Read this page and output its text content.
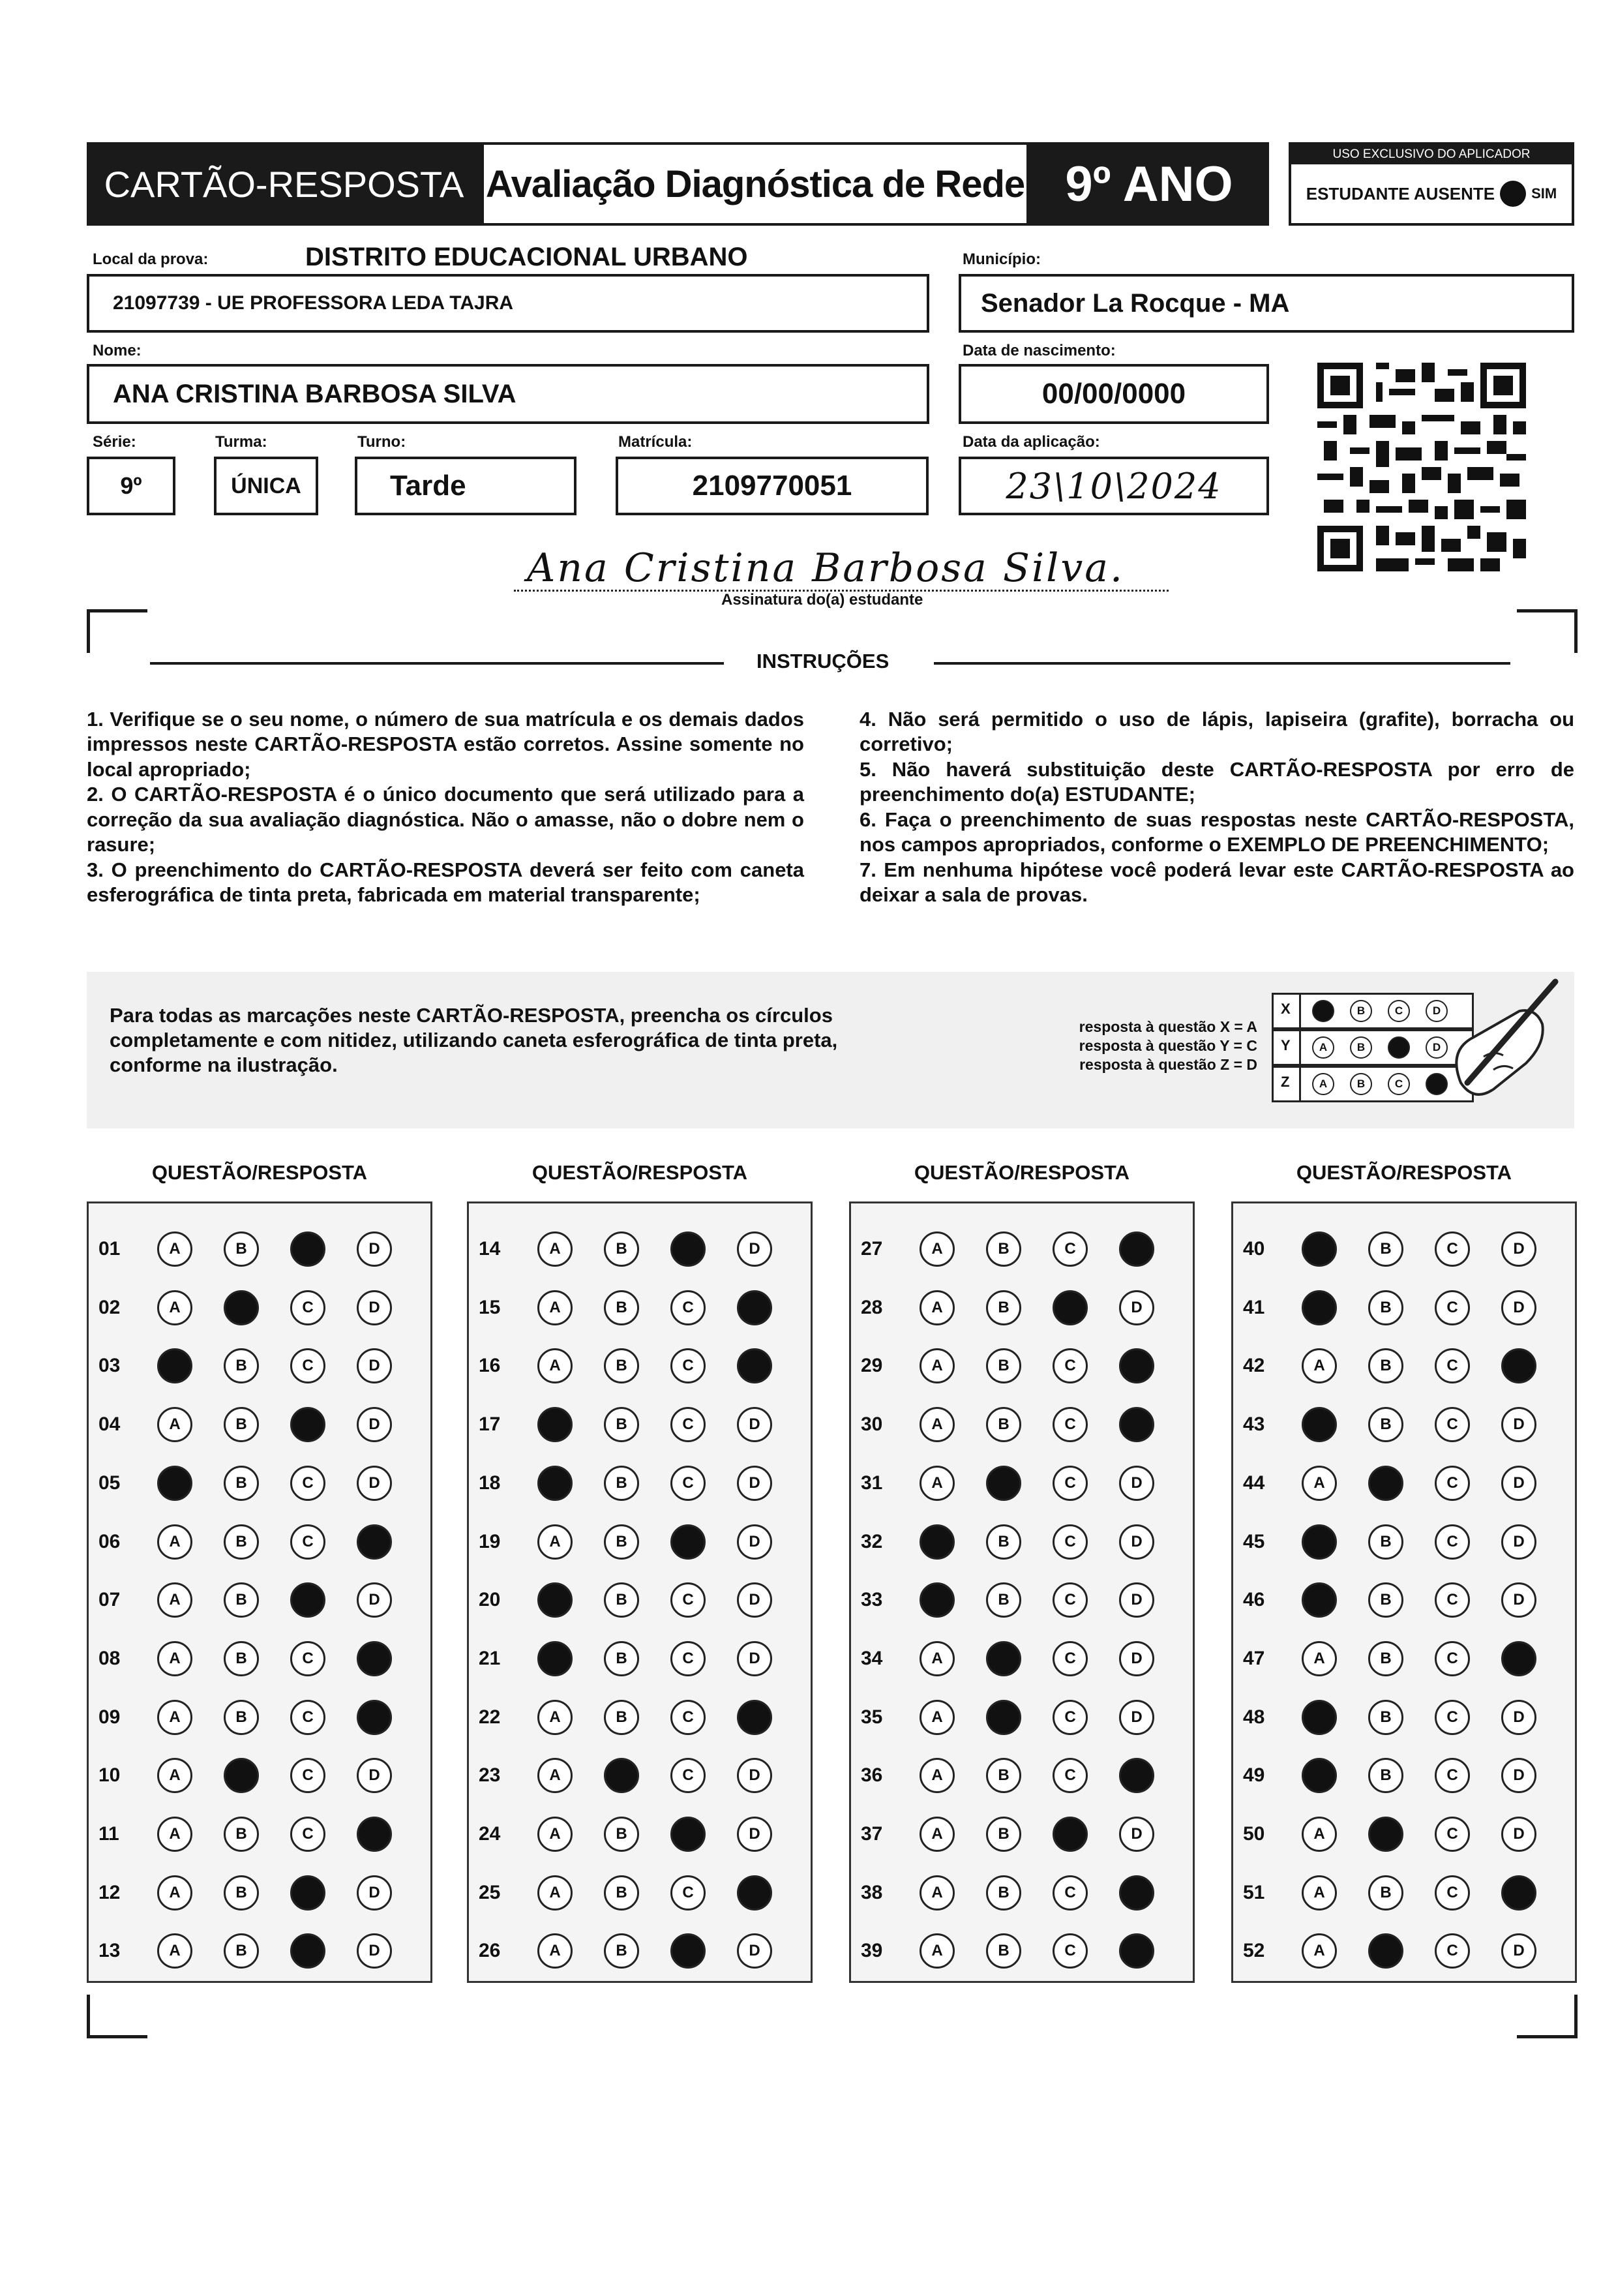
CARTÃO-RESPOSTA Avaliação Diagnóstica de Rede 9º ANO
USO EXCLUSIVO DO APLICADOR
ESTUDANTE AUSENTE	SIM
Local da prova:	DISTRITO EDUCACIONAL URBANO
21097739 - UE PROFESSORA LEDA TAJRA
Município:
Senador La Rocque - MA
Nome:
ANA CRISTINA BARBOSA SILVA
Data de nascimento:
00/00/0000
Série:
9º
Turma:
ÚNICA
Turno:
Tarde
Matrícula:
2109770051
Data da aplicação:
23\10\2024
Ana Cristina Barbosa Silva.
Assinatura do(a) estudante
INSTRUÇÕES
1. Verifique se o seu nome, o número de sua matrícula e os demais dados impressos neste CARTÃO-RESPOSTA estão corretos. Assine somente no local apropriado;
2. O CARTÃO-RESPOSTA é o único documento que será utilizado para a correção da sua avaliação diagnóstica. Não o amasse, não o dobre nem o rasure;
3. O preenchimento do CARTÃO-RESPOSTA deverá ser feito com caneta esferográfica de tinta preta, fabricada em material transparente;
4. Não será permitido o uso de lápis, lapiseira (grafite), borracha ou corretivo;
5. Não haverá substituição deste CARTÃO-RESPOSTA por erro de preenchimento do(a) ESTUDANTE;
6. Faça o preenchimento de suas respostas neste CARTÃO-RESPOSTA, nos campos apropriados, conforme o EXEMPLO DE PREENCHIMENTO;
7. Em nenhuma hipótese você poderá levar este CARTÃO-RESPOSTA ao deixar a sala de provas.
Para todas as marcações neste CARTÃO-RESPOSTA, preencha os círculos completamente e com nitidez, utilizando caneta esferográfica de tinta preta, conforme na ilustração.
resposta à questão X = A
resposta à questão Y = C
resposta à questão Z = D
X
Y
Z
A	B	C	D
A	B	C	D
A	B	C	D
QUESTÃO/RESPOSTA
01	A	B	C	D
02	A	B	C	D
03	A	B	C	D
04	A	B	C	D
05	A	B	C	D
06	A	B	C	D
07	A	B	C	D
08	A	B	C	D
09	A	B	C	D
10	A	B	C	D
11	A	B	C	D
12	A	B	C	D
13	A	B	C	D
QUESTÃO/RESPOSTA
14	A	B	C	D
15	A	B	C	D
16	A	B	C	D
17	A	B	C	D
18	A	B	C	D
19	A	B	C	D
20	A	B	C	D
21	A	B	C	D
22	A	B	C	D
23	A	B	C	D
24	A	B	C	D
25	A	B	C	D
26	A	B	C	D
QUESTÃO/RESPOSTA
27	A	B	C	D
28	A	B	C	D
29	A	B	C	D
30	A	B	C	D
31	A	B	C	D
32	A	B	C	D
33	A	B	C	D
34	A	B	C	D
35	A	B	C	D
36	A	B	C	D
37	A	B	C	D
38	A	B	C	D
39	A	B	C	D
QUESTÃO/RESPOSTA
40	A	B	C	D
41	A	B	C	D
42	A	B	C	D
43	A	B	C	D
44	A	B	C	D
45	A	B	C	D
46	A	B	C	D
47	A	B	C	D
48	A	B	C	D
49	A	B	C	D
50	A	B	C	D
51	A	B	C	D
52	A	B	C	D
